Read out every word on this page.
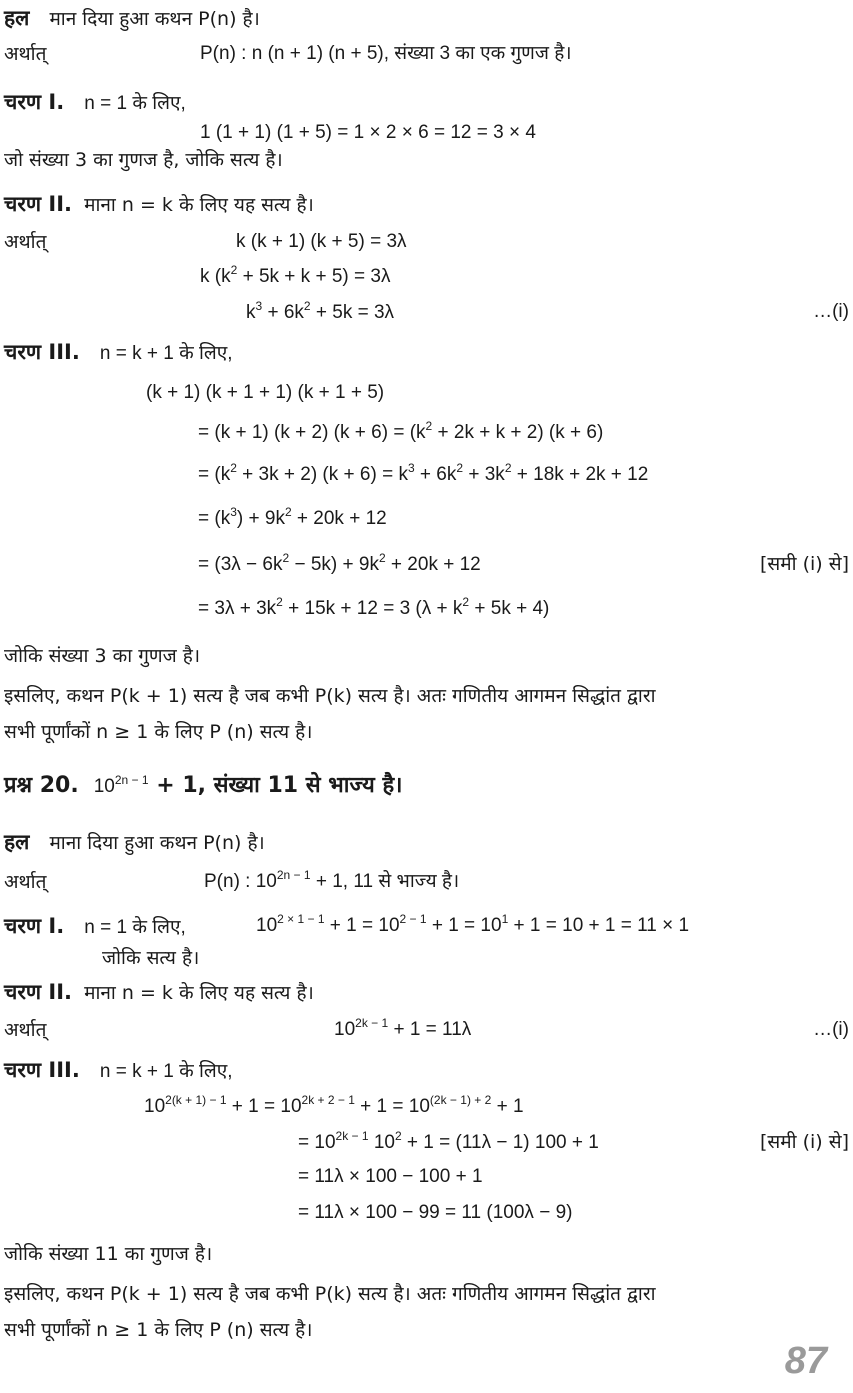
हल मान दिया हुआ कथन P(n) है।
अर्थात्	P(n) : n (n + 1) (n + 5), संख्या 3 का एक गुणज है।
चरण I. n = 1 के लिए,
1 (1 + 1) (1 + 5) = 1 × 2 × 6 = 12 = 3 × 4
जो संख्या 3 का गुणज है, जोकि सत्य है।
चरण II. माना n = k के लिए यह सत्य है।
अर्थात्	k (k + 1) (k + 5) = 3λ
k $(k^2 + 5k + k + 5) = 3\lambda$
$k^3 + 6k^2 + 5k = 3\lambda$	…(i)
चरण III. n = k + 1 के लिए,
(k + 1) (k + 1 + 1) (k + 1 + 5)
= (k + 1) (k + 2) $(k + 6) = (k^2 + 2k + k + 2) (k + 6)$
= $(k^2 + 3k + 2) (k + 6) = k^3 + 6k^2 + 3k^2 + 18k + 2k + 12$
= $(k^3) + 9k^2 + 20k + 12$
= $(3\lambda - 6k^2 - 5k) + 9k^2 + 20k + 12$	[समी (i) से]
= $3\lambda + 3k^2 + 15k + 12 = 3$ $(\lambda + k^2 + 5k + 4)$
जोकि संख्या 3 का गुणज है।
इसलिए, कथन P(k + 1) सत्य है जब कभी P(k) सत्य है। अतः गणितीय आगमन सिद्धांत द्वारा
सभी पूर्णांकों n ≥ 1 के लिए P (n) सत्य है।
प्रश्न 20. $10^{2n - 1} + 1$, संख्या 11 से भाज्य है।
हल माना दिया हुआ कथन P(n) है।
अर्थात्	P(n) : $10^{2n - 1} + 1$, 11 से भाज्य है।
चरण I. n = 1 के लिए,	$10^{2 \times 1 - 1} + 1 = 10^{2 - 1} + 1 = 10^1 + 1 = 10 + 1 = 11 \times 1$
जोकि सत्य है।
चरण II. माना n = k के लिए यह सत्य है।
अर्थात्	$10^{2k - 1} + 1 = 11\lambda$	…(i)
चरण III. n = k + 1 के लिए,
$10^{2(k + 1) - 1} + 1 = 10^{2k + 2 - 1} + 1 = 10^{(2k - 1) + 2} + 1$
= $10^{2k - 1}$ $10^2 + 1 = (11\lambda - 1) 100 + 1$	[समी (i) से]
= 11λ × 100 − 100 + 1
= 11λ × 100 − 99 = 11 (100λ − 9)
जोकि संख्या 11 का गुणज है।
इसलिए, कथन P(k + 1) सत्य है जब कभी P(k) सत्य है। अतः गणितीय आगमन सिद्धांत द्वारा
सभी पूर्णांकों n ≥ 1 के लिए P (n) सत्य है।
87
